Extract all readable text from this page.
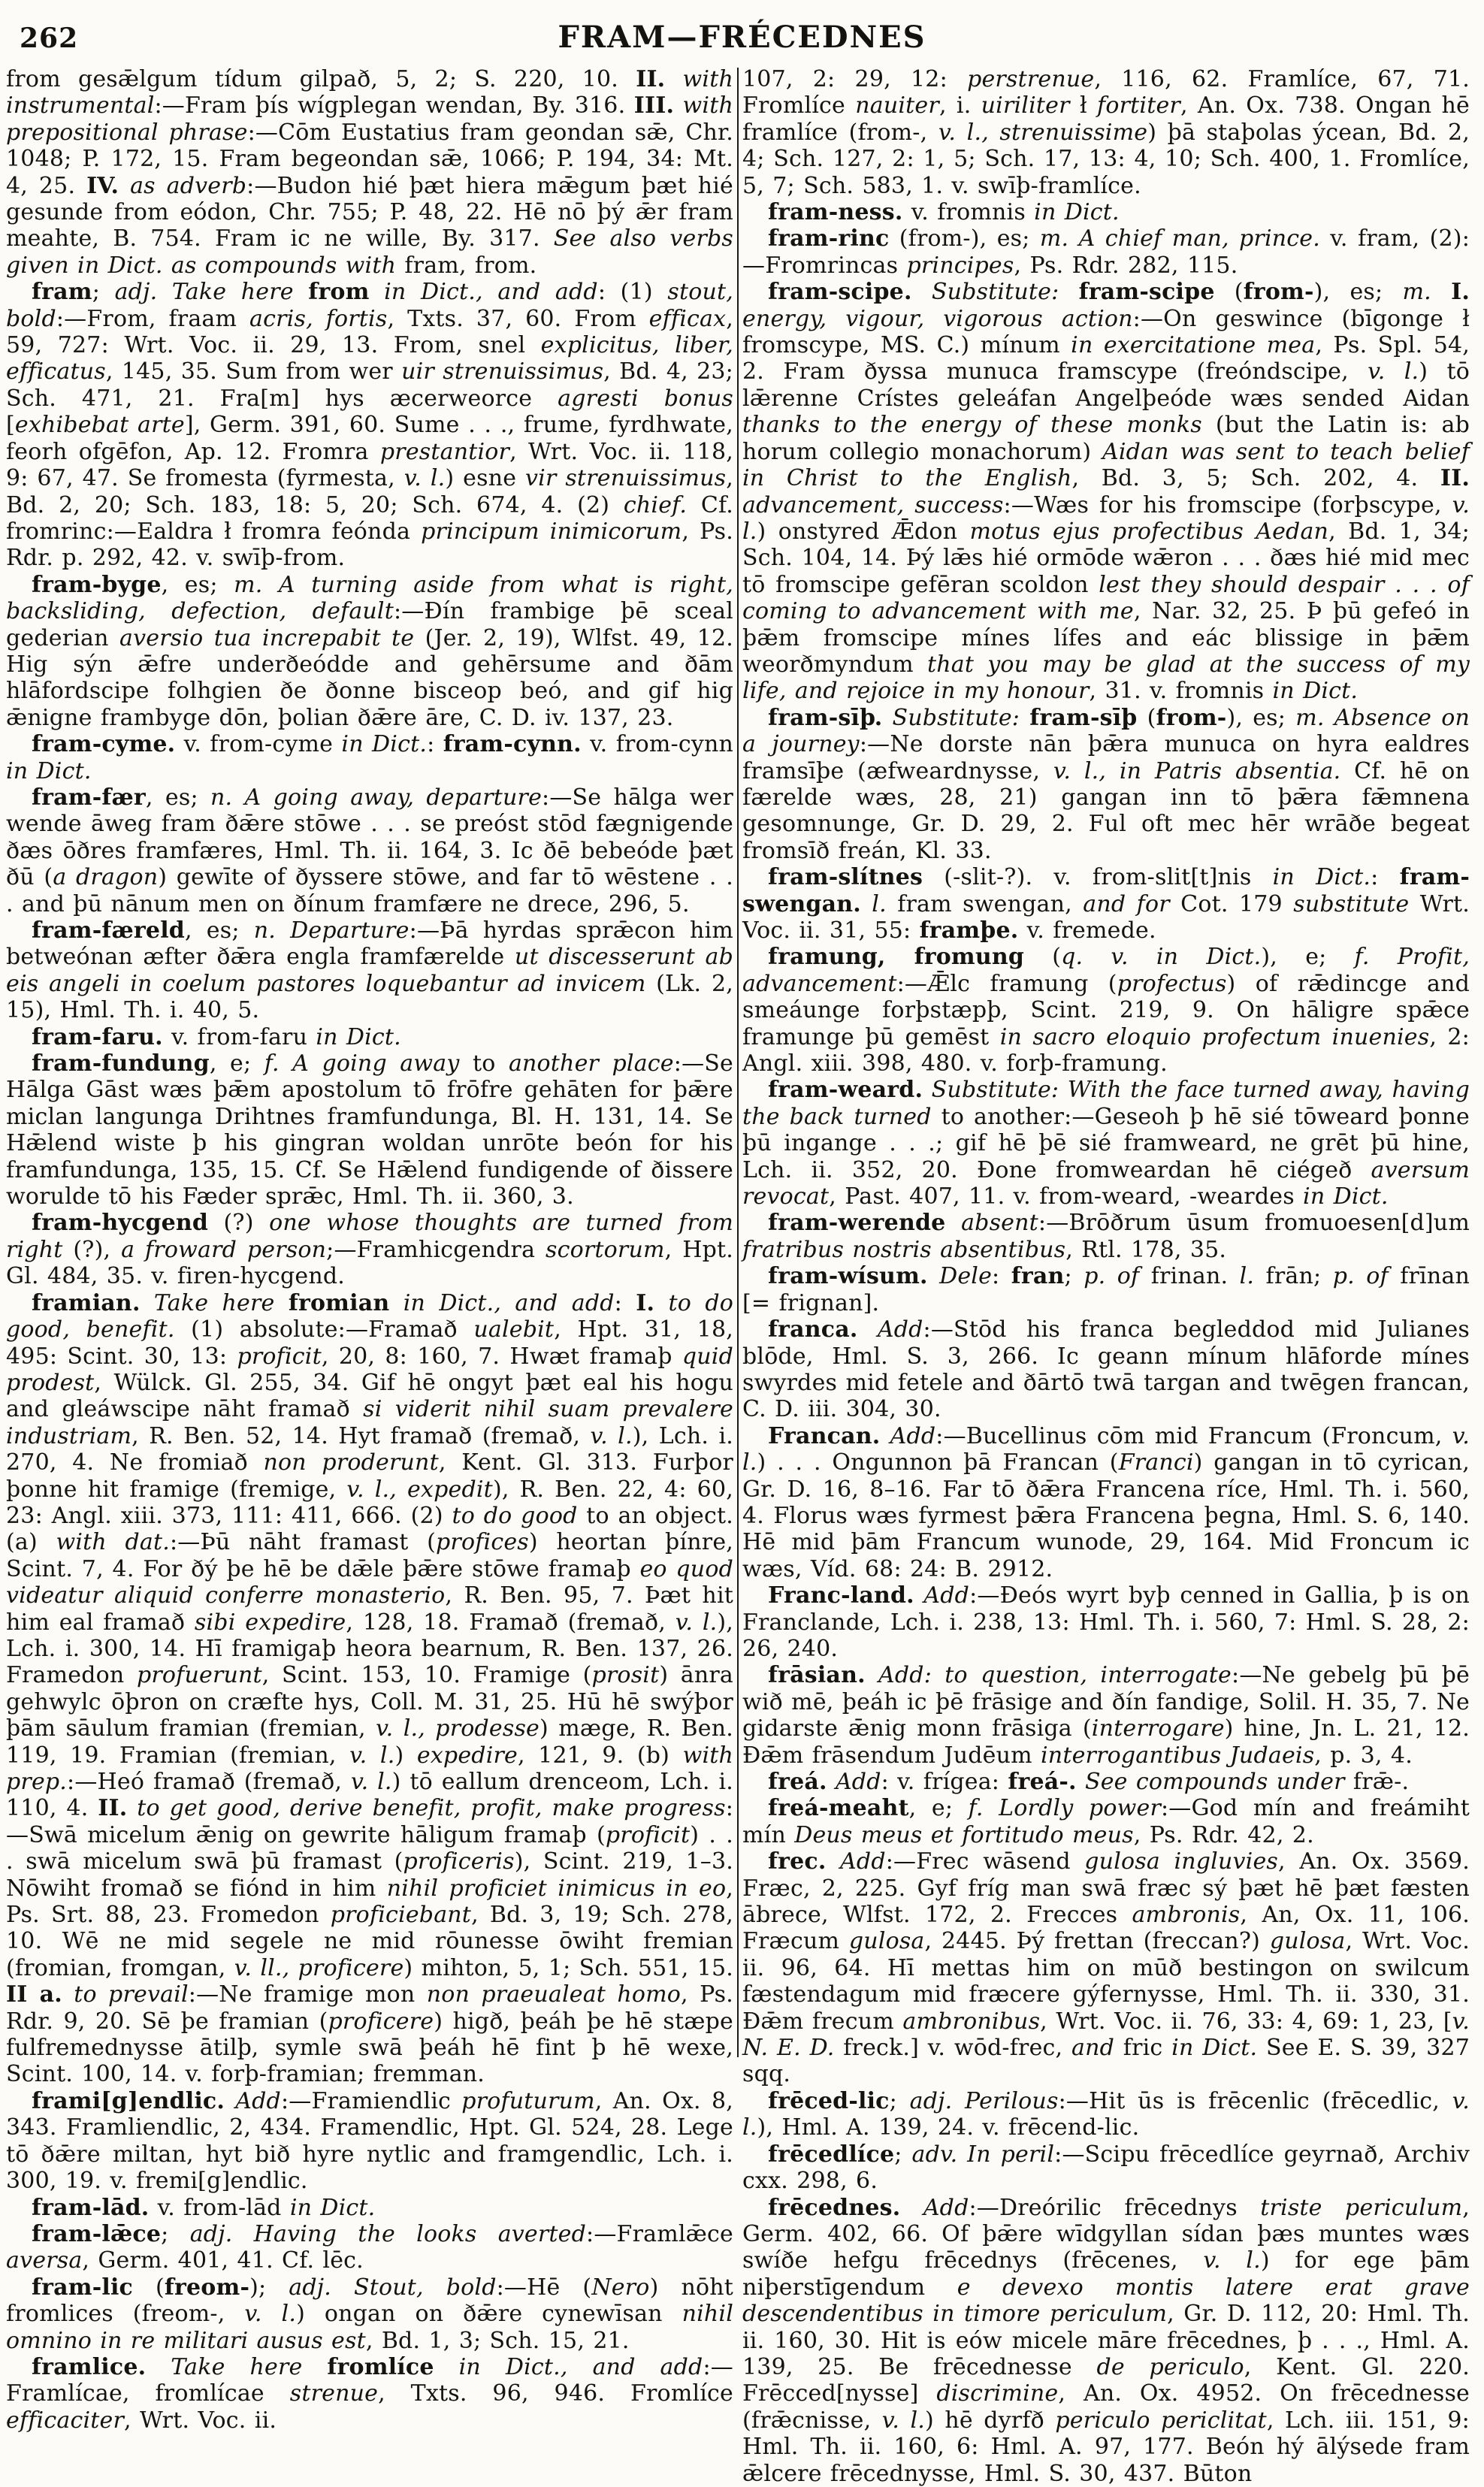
262	FRAM—FRÉCEDNES

from gesǣlgum tídum gilpað, 5, 2; S. 220, 10. II. with instrumental:—Fram þís wígplegan wendan, By. 316. III. with prepositional phrase:—Cōm Eustatius fram geondan sǣ, Chr. 1048; P. 172, 15. Fram begeondan sǣ, 1066; P. 194, 34: Mt. 4, 25. IV. as adverb:—Budon hié þæt hiera mǣgum þæt hié gesunde from eódon, Chr. 755; P. 48, 22. Hē nō þý ǣr fram meahte, B. 754. Fram ic ne wille, By. 317. See also verbs given in Dict. as compounds with fram, from.

fram; adj. Take here from in Dict., and add: (1) stout, bold:—From, fraam acris, fortis, Txts. 37, 60. From efficax, 59, 727: Wrt. Voc. ii. 29, 13. From, snel explicitus, liber, efficatus, 145, 35. Sum from wer uir strenuissimus, Bd. 4, 23; Sch. 471, 21. Fra[m] hys æcerweorce agresti bonus [exhibebat arte], Germ. 391, 60. Sume . . ., frume, fyrdhwate, feorh ofgēfon, Ap. 12. Fromra prestantior, Wrt. Voc. ii. 118, 9: 67, 47. Se fromesta (fyrmesta, v. l.) esne vir strenuissimus, Bd. 2, 20; Sch. 183, 18: 5, 20; Sch. 674, 4. (2) chief. Cf. fromrinc:—Ealdra ł fromra feónda principum inimicorum, Ps. Rdr. p. 292, 42. v. swīþ-from.

fram-byge, es; m. A turning aside from what is right, backsliding, defection, default:—Ðín frambige þē sceal gederian aversio tua increpabit te (Jer. 2, 19), Wlfst. 49, 12. Hig sýn ǣfre underðeódde and gehērsume and ðām hlāfordscipe folhgien ðe ðonne bisceop beó, and gif hig ǣnigne frambyge dōn, þolian ðǣre āre, C. D. iv. 137, 23.

fram-cyme. v. from-cyme in Dict.: fram-cynn. v. from-cynn in Dict.

fram-fær, es; n. A going away, departure:—Se hālga wer wende āweg fram ðǣre stōwe . . . se preóst stōd fægnigende ðæs ōðres framfæres, Hml. Th. ii. 164, 3. Ic ðē bebeóde þæt ðū (a dragon) gewīte of ðyssere stōwe, and far tō wēstene . . . and þū nānum men on ðínum framfære ne drece, 296, 5.

fram-færeld, es; n. Departure:—Þā hyrdas sprǣcon him betweónan æfter ðǣra engla framfærelde ut discesserunt ab eis angeli in coelum pastores loquebantur ad invicem (Lk. 2, 15), Hml. Th. i. 40, 5.

fram-faru. v. from-faru in Dict.

fram-fundung, e; f. A going away to another place:—Se Hālga Gāst wæs þǣm apostolum tō frōfre gehāten for þǣre miclan langunga Drihtnes framfundunga, Bl. H. 131, 14. Se Hǣlend wiste þ his gingran woldan unrōte beón for his framfundunga, 135, 15. Cf. Se Hǣlend fundigende of ðissere worulde tō his Fæder sprǣc, Hml. Th. ii. 360, 3.

fram-hycgend (?) one whose thoughts are turned from right (?), a froward person;—Framhicgendra scortorum, Hpt. Gl. 484, 35. v. firen-hycgend.

framian. Take here fromian in Dict., and add: I. to do good, benefit. (1) absolute:—Framað ualebit, Hpt. 31, 18, 495: Scint. 30, 13: proficit, 20, 8: 160, 7. Hwæt framaþ quid prodest, Wülck. Gl. 255, 34. Gif hē ongyt þæt eal his hogu and gleáwscipe nāht framað si viderit nihil suam prevalere industriam, R. Ben. 52, 14. Hyt framað (fremað, v. l.), Lch. i. 270, 4. Ne fromiað non proderunt, Kent. Gl. 313. Furþor þonne hit framige (fremige, v. l., expedit), R. Ben. 22, 4: 60, 23: Angl. xiii. 373, 111: 411, 666. (2) to do good to an object. (a) with dat.:—Þū nāht framast (profices) heortan þínre, Scint. 7, 4. For ðý þe hē be dǣle þǣre stōwe framaþ eo quod videatur aliquid conferre monasterio, R. Ben. 95, 7. Þæt hit him eal framað sibi expedire, 128, 18. Framað (fremað, v. l.), Lch. i. 300, 14. Hī framigaþ heora bearnum, R. Ben. 137, 26. Framedon profuerunt, Scint. 153, 10. Framige (prosit) ānra gehwylc ōþron on cræfte hys, Coll. M. 31, 25. Hū hē swýþor þām sāulum framian (fremian, v. l., prodesse) mæge, R. Ben. 119, 19. Framian (fremian, v. l.) expedire, 121, 9. (b) with prep.:—Heó framað (fremað, v. l.) tō eallum drenceom, Lch. i. 110, 4. II. to get good, derive benefit, profit, make progress:—Swā micelum ǣnig on gewrite hāligum framaþ (proficit) . . . swā micelum swā þū framast (proficeris), Scint. 219, 1–3. Nōwiht fromað se fiónd in him nihil proficiet inimicus in eo, Ps. Srt. 88, 23. Fromedon proficiebant, Bd. 3, 19; Sch. 278, 10. Wē ne mid segele ne mid rōunesse ōwiht fremian (fromian, fromgan, v. ll., proficere) mihton, 5, 1; Sch. 551, 15. II a. to prevail:—Ne framige mon non praeualeat homo, Ps. Rdr. 9, 20. Sē þe framian (proficere) higð, þeáh þe hē stæpe fulfremednysse ātilþ, symle swā þeáh hē fint þ hē wexe, Scint. 100, 14. v. forþ-framian; fremman.

frami[g]endlic. Add:—Framiendlic profuturum, An. Ox. 8, 343. Framliendlic, 2, 434. Framendlic, Hpt. Gl. 524, 28. Lege tō ðǣre miltan, hyt bið hyre nytlic and framgendlic, Lch. i. 300, 19. v. fremi[g]endlic.

fram-lād. v. from-lād in Dict.

fram-lǣce; adj. Having the looks averted:—Framlǣce aversa, Germ. 401, 41. Cf. lēc.

fram-lic (freom-); adj. Stout, bold:—Hē (Nero) nōht fromlices (freom-, v. l.) ongan on ðǣre cynewīsan nihil omnino in re militari ausus est, Bd. 1, 3; Sch. 15, 21.

framlice. Take here fromlíce in Dict., and add:—Framlícae, fromlícae strenue, Txts. 96, 946. Fromlíce efficaciter, Wrt. Voc. ii.

107, 2: 29, 12: perstrenue, 116, 62. Framlíce, 67, 71. Fromlíce nauiter, i. uiriliter ł fortiter, An. Ox. 738. Ongan hē framlíce (from-, v. l., strenuissime) þā staþolas ýcean, Bd. 2, 4; Sch. 127, 2: 1, 5; Sch. 17, 13: 4, 10; Sch. 400, 1. Fromlíce, 5, 7; Sch. 583, 1. v. swīþ-framlíce.

fram-ness. v. fromnis in Dict.

fram-rinc (from-), es; m. A chief man, prince. v. fram, (2):—Fromrincas principes, Ps. Rdr. 282, 115.

fram-scipe. Substitute: fram-scipe (from-), es; m. I. energy, vigour, vigorous action:—On geswince (bīgonge ł fromscype, MS. C.) mínum in exercitatione mea, Ps. Spl. 54, 2. Fram ðyssa munuca framscype (freóndscipe, v. l.) tō lǣrenne Crístes geleáfan Angelþeóde wæs sended Aidan thanks to the energy of these monks (but the Latin is: ab horum collegio monachorum) Aidan was sent to teach belief in Christ to the English, Bd. 3, 5; Sch. 202, 4. II. advancement, success:—Wæs for his fromscipe (forþscype, v. l.) onstyred Ǣdon motus ejus profectibus Aedan, Bd. 1, 34; Sch. 104, 14. Þý lǣs hié ormōde wǣron . . . ðæs hié mid mec tō fromscipe gefēran scoldon lest they should despair . . . of coming to advancement with me, Nar. 32, 25. Þ þū gefeó in þǣm fromscipe mínes lífes and eác blissige in þǣm weorðmyndum that you may be glad at the success of my life, and rejoice in my honour, 31. v. fromnis in Dict.

fram-sīþ. Substitute: fram-sīþ (from-), es; m. Absence on a journey:—Ne dorste nān þǣra munuca on hyra ealdres framsīþe (æfweardnysse, v. l., in Patris absentia. Cf. hē on færelde wæs, 28, 21) gangan inn tō þǣra fǣmnena gesomnunge, Gr. D. 29, 2. Ful oft mec hēr wrāðe begeat fromsīð freán, Kl. 33.

fram-slítnes (-slit-?). v. from-slit[t]nis in Dict.: fram-swengan. l. fram swengan, and for Cot. 179 substitute Wrt. Voc. ii. 31, 55: framþe. v. fremede.

framung, fromung (q. v. in Dict.), e; f. Profit, advancement:—Ǣlc framung (profectus) of rǣdincge and smeáunge forþstæpþ, Scint. 219, 9. On hāligre spǣce framunge þū gemēst in sacro eloquio profectum inuenies, 2: Angl. xiii. 398, 480. v. forþ-framung.

fram-weard. Substitute: With the face turned away, having the back turned to another:—Geseoh þ hē sié tōweard þonne þū ingange . . .; gif hē þē sié framweard, ne grēt þū hine, Lch. ii. 352, 20. Ðone fromweardan hē ciégeð aversum revocat, Past. 407, 11. v. from-weard, -weardes in Dict.

fram-werende absent:—Brōðrum ūsum fromuoesen[d]um fratribus nostris absentibus, Rtl. 178, 35.

fram-wísum. Dele: fran; p. of frinan. l. frān; p. of frīnan [= frignan].

franca. Add:—Stōd his franca begleddod mid Julianes blōde, Hml. S. 3, 266. Ic geann mínum hlāforde mínes swyrdes mid fetele and ðārtō twā targan and twēgen francan, C. D. iii. 304, 30.

Francan. Add:—Bucellinus cōm mid Francum (Froncum, v. l.) . . . Ongunnon þā Francan (Franci) gangan in tō cyrican, Gr. D. 16, 8–16. Far tō ðǣra Francena ríce, Hml. Th. i. 560, 4. Florus wæs fyrmest þǣra Francena þegna, Hml. S. 6, 140. Hē mid þām Francum wunode, 29, 164. Mid Froncum ic wæs, Víd. 68: 24: B. 2912.

Franc-land. Add:—Ðeós wyrt byþ cenned in Gallia, þ is on Franclande, Lch. i. 238, 13: Hml. Th. i. 560, 7: Hml. S. 28, 2: 26, 240.

frāsian. Add: to question, interrogate:—Ne gebelg þū þē wið mē, þeáh ic þē frāsige and ðín fandige, Solil. H. 35, 7. Ne gidarste ǣnig monn frāsiga (interrogare) hine, Jn. L. 21, 12. Ðǣm frāsendum Judēum interrogantibus Judaeis, p. 3, 4.

freá. Add: v. frígea: freá-. See compounds under frǣ-.

freá-meaht, e; f. Lordly power:—God mín and freámiht mín Deus meus et fortitudo meus, Ps. Rdr. 42, 2.

frec. Add:—Frec wāsend gulosa ingluvies, An. Ox. 3569. Fræc, 2, 225. Gyf fríg man swā fræc sý þæt hē þæt fæsten ābrece, Wlfst. 172, 2. Frecces ambronis, An, Ox. 11, 106. Fræcum gulosa, 2445. Þý frettan (freccan?) gulosa, Wrt. Voc. ii. 96, 64. Hī mettas him on mūð bestingon on swilcum fæstendagum mid fræcere gýfernysse, Hml. Th. ii. 330, 31. Ðǣm frecum ambronibus, Wrt. Voc. ii. 76, 33: 4, 69: 1, 23, [v. N. E. D. freck.] v. wōd-frec, and fric in Dict. See E. S. 39, 327 sqq.

frēced-lic; adj. Perilous:—Hit ūs is frēcenlic (frēcedlic, v. l.), Hml. A. 139, 24. v. frēcend-lic.

frēcedlíce; adv. In peril:—Scipu frēcedlíce geyrnað, Archiv cxx. 298, 6.

frēcednes. Add:—Dreórilic frēcednys triste periculum, Germ. 402, 66. Of þǣre wīdgyllan sídan þæs muntes wæs swíðe hefgu frēcednys (frēcenes, v. l.) for ege þām niþerstīgendum e devexo montis latere erat grave descendentibus in timore periculum, Gr. D. 112, 20: Hml. Th. ii. 160, 30. Hit is eów micele māre frēcednes, þ . . ., Hml. A. 139, 25. Be frēcednesse de periculo, Kent. Gl. 220. Frēcced[nysse] discrimine, An. Ox. 4952. On frēcednesse (frǣcnisse, v. l.) hē dyrfð periculo periclitat, Lch. iii. 151, 9: Hml. Th. ii. 160, 6: Hml. A. 97, 177. Beón hý ālýsede fram ǣlcere frēcednysse, Hml. S. 30, 437. Būton
